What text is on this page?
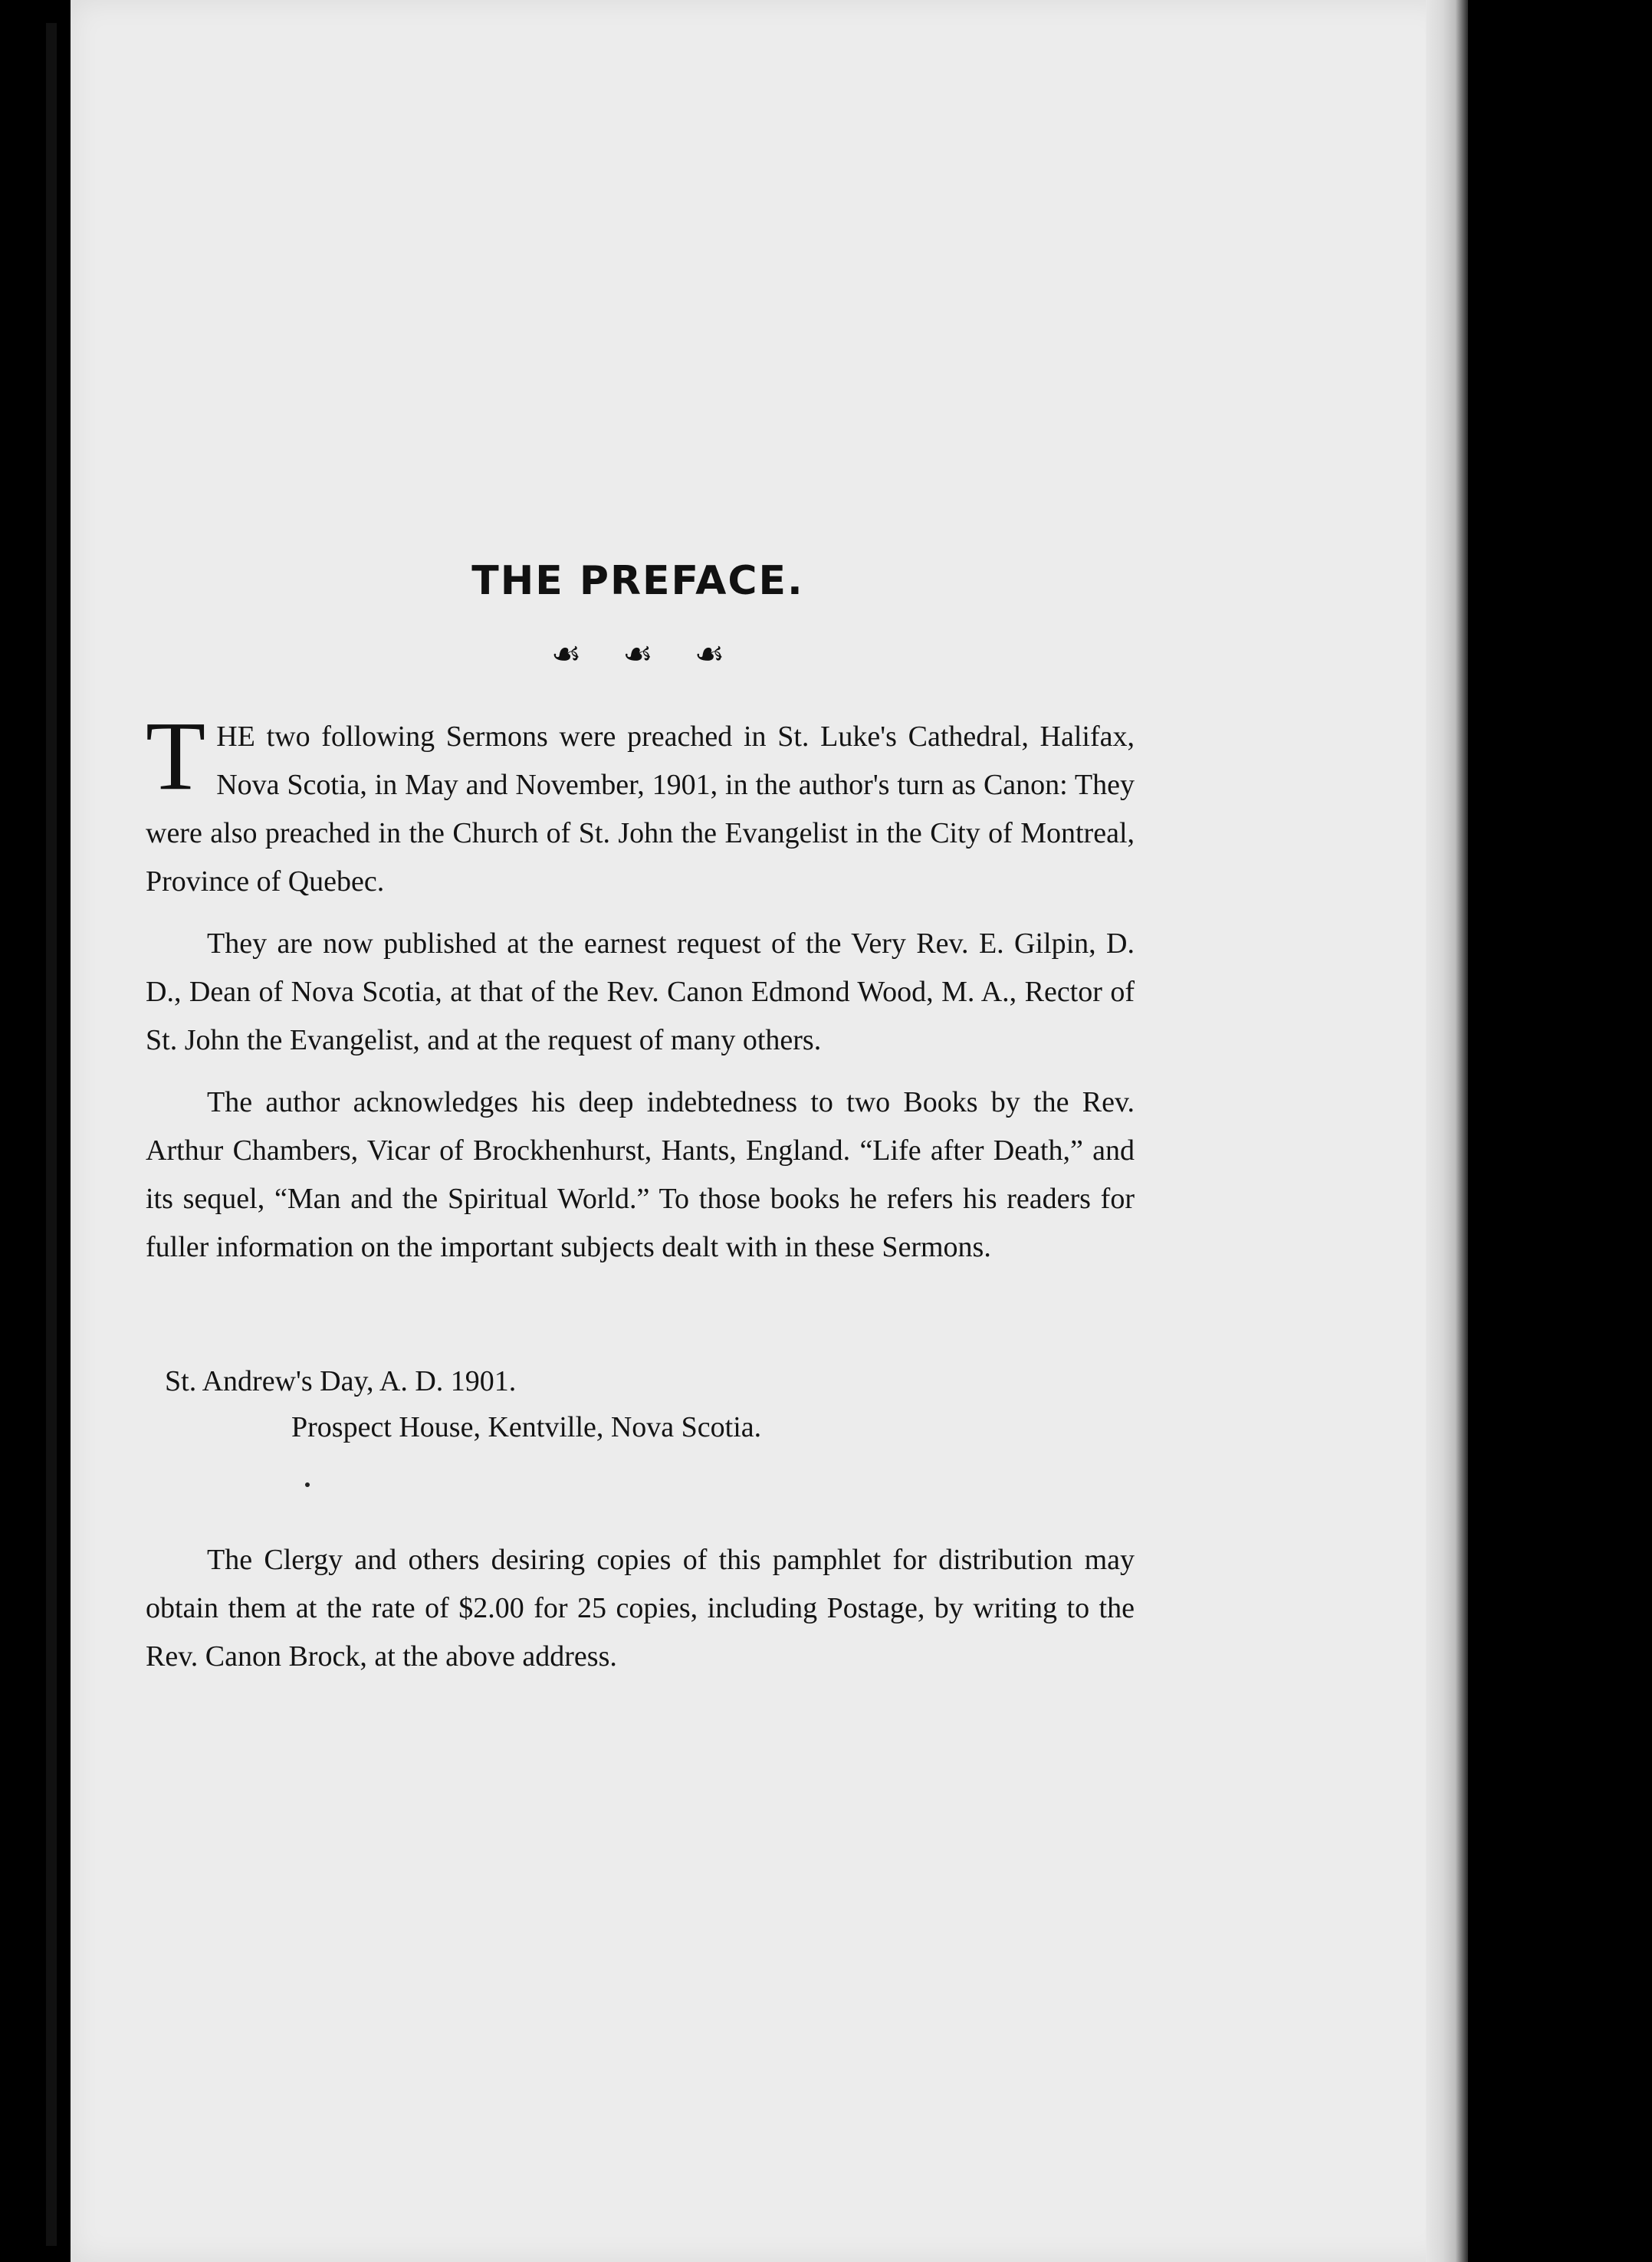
THE PREFACE.
☙ ☙ ☙

THE two following Sermons were preached in St. Luke's Cathedral, Halifax, Nova Scotia, in May and November, 1901, in the author's turn as Canon: They were also preached in the Church of St. John the Evangelist in the City of Montreal, Province of Quebec.

They are now published at the earnest request of the Very Rev. E. Gilpin, D. D., Dean of Nova Scotia, at that of the Rev. Canon Edmond Wood, M. A., Rector of St. John the Evangelist, and at the request of many others.

The author acknowledges his deep indebtedness to two Books by the Rev. Arthur Chambers, Vicar of Brockhenhurst, Hants, England. “Life after Death,” and its sequel, “Man and the Spiritual World.” To those books he refers his readers for fuller information on the important subjects dealt with in these Sermons.

St. Andrew's Day, A. D. 1901.
Prospect House, Kentville, Nova Scotia.
The Clergy and others desiring copies of this pamphlet for distribution may obtain them at the rate of $2.00 for 25 copies, including Postage, by writing to the Rev. Canon Brock, at the above address.
